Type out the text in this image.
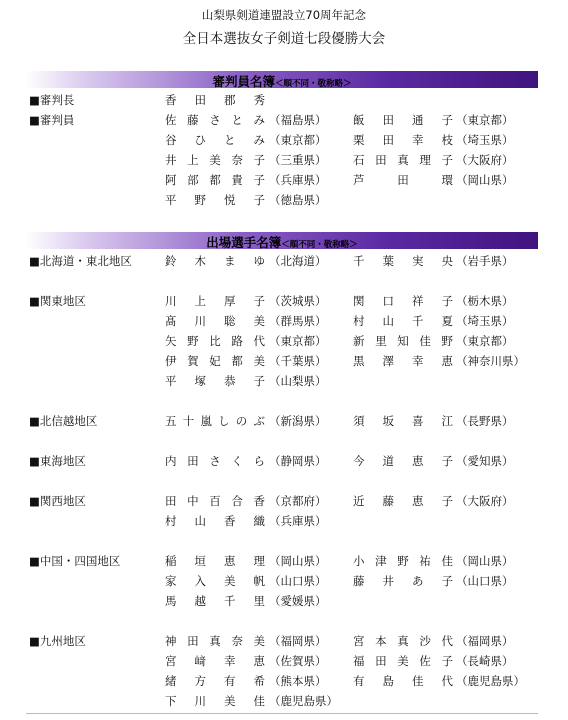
山梨県剣道連盟設立70周年記念
全日本選抜女子剣道七段優勝大会
審判員名簿＜順不同・敬称略＞
■審判長	香 田 郡 秀
■審判員	佐 藤 さ と み （福島県） 飯 田 通 子 （東京都）
谷 ひ と み （東京都） 栗 田 幸 枝 （埼玉県）
井 上 美 奈 子 （三重県） 石 田 真 理 子 （大阪府）
阿 部 都 貴 子 （兵庫県） 芦	田	環 （岡山県）
平 野 悦 子 （徳島県）
出場選手名簿＜順不同・敬称略＞
■北海道・東北地区	鈴 木 ま ゆ （北海道） 千 葉 実 央 （岩手県）
■関東地区	川 上 厚 子 （茨城県） 関 口 祥 子 （栃木県）
髙 川 聡 美 （群馬県） 村 山 千 夏 （埼玉県）
矢 野 比 路 代 （東京都） 新 里 知 佳 野 （東京都）
伊 賀 妃 都 美 （千葉県） 黒 澤 幸 恵 （神奈川県）
平 塚 恭 子 （山梨県）
■北信越地区	五 十 嵐 し の ぶ （新潟県） 須 坂 喜 江 （長野県）
■東海地区	内 田 さ く ら （静岡県） 今 道 恵 子 （愛知県）
■関西地区	田 中 百 合 香 （京都府） 近 藤 恵 子 （大阪府）
村 山 香 織 （兵庫県）
■中国・四国地区	稲 垣 恵 理 （岡山県） 小 津 野 祐 佳 （岡山県）
家 入 美 帆 （山口県） 藤 井 あ 子 （山口県）
馬 越 千 里 （愛媛県）
■九州地区	神 田 真 奈 美 （福岡県） 宮 本 真 沙 代 （福岡県）
宮 﨑 幸 恵 （佐賀県） 福 田 美 佐 子 （長崎県）
緒 方 有 希 （熊本県） 有 島 佳 代 （鹿児島県）
下 川 美 佳 （鹿児島県）
